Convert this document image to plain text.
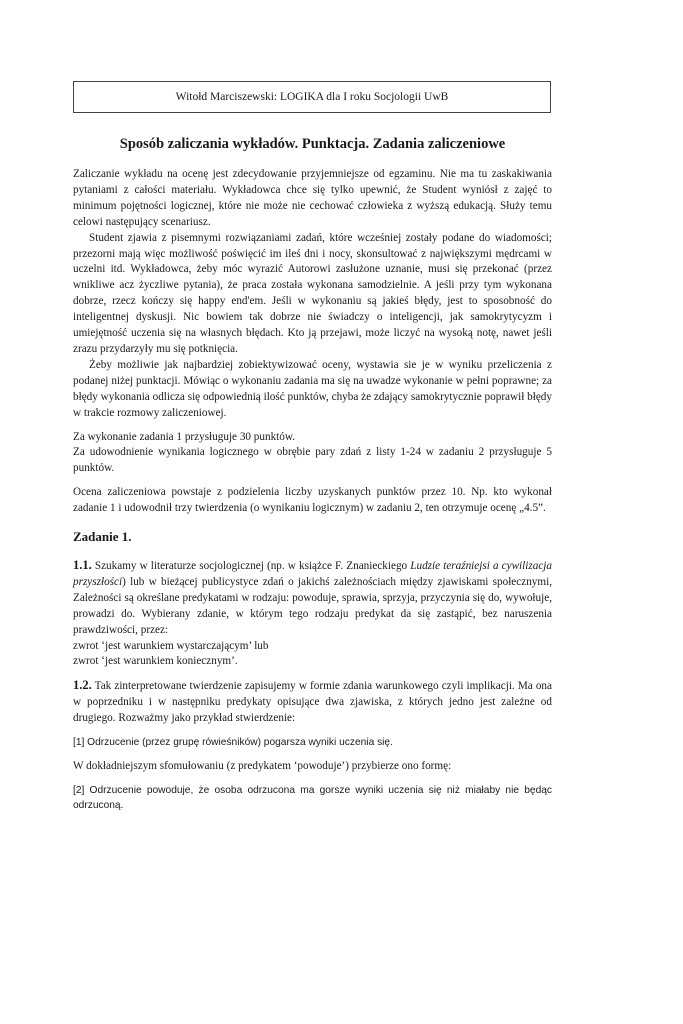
Witołd Marciszewski: LOGIKA dla I roku Socjologii UwB
Sposób zaliczania wykładów. Punktacja. Zadania zaliczeniowe

Zaliczanie wykładu na ocenę jest zdecydowanie przyjemniejsze od egzaminu. Nie ma tu zaskakiwania pytaniami z całości materiału. Wykładowca chce się tylko upewnić, że Student wyniósł z zajęć to minimum pojętności logicznej, które nie może nie cechować człowieka z wyższą edukacją. Służy temu celowi następujący scenariusz.

Student zjawia z pisemnymi rozwiązaniami zadań, które wcześniej zostały podane do wiadomości; przezorni mają więc możliwość poświęcić im ileś dni i nocy, skonsultować z największymi mędrcami w uczelni itd. Wykładowca, żeby móc wyrazić Autorowi zasłużone uznanie, musi się przekonać (przez wnikliwe acz życzliwe pytania), że praca została wykonana samodzielnie. A jeśli przy tym wykonana dobrze, rzecz kończy się happy end'em. Jeśli w wykonaniu są jakieś błędy, jest to sposobność do inteligentnej dyskusji. Nic bowiem tak dobrze nie świadczy o inteligencji, jak samokrytycyzm i umiejętność uczenia się na własnych błędach. Kto ją przejawi, może liczyć na wysoką notę, nawet jeśli zrazu przydarzyły mu się potknięcia.

Żeby możliwie jak najbardziej zobiektywizować oceny, wystawia sie je w wyniku przeliczenia z podanej niżej punktacji. Mówiąc o wykonaniu zadania ma się na uwadze wykonanie w pełni poprawne; za błędy wykonania odlicza się odpowiednią ilość punktów, chyba że zdający samokrytycznie poprawił błędy w trakcie rozmowy zaliczeniowej.

Za wykonanie zadania 1 przysługuje 30 punktów.

Za udowodnienie wynikania logicznego w obrębie pary zdań z listy 1-24 w zadaniu 2 przysługuje 5 punktów.

Ocena zaliczeniowa powstaje z podzielenia liczby uzyskanych punktów przez 10. Np. kto wykonał zadanie 1 i udowodnił trzy twierdzenia (o wynikaniu logicznym) w zadaniu 2, ten otrzymuje ocenę „4.5”.

Zadanie 1.

1.1. Szukamy w literaturze socjologicznej (np. w książce F. Znanieckiego Ludzie teraźniejsi a cywilizacja przyszłości) lub w bieżącej publicystyce zdań o jakichś zależnościach między zjawiskami społecznymi, Zależności są określane predykatami w rodzaju: powoduje, sprawia, sprzyja, przyczynia się do, wywołuje, prowadzi do. Wybierany zdanie, w którym tego rodzaju predykat da się zastąpić, bez naruszenia prawdziwości, przez:

zwrot ‘jest warunkiem wystarczającym’ lub

zwrot ‘jest warunkiem koniecznym’.

1.2. Tak zinterpretowane twierdzenie zapisujemy w formie zdania warunkowego czyli implikacji. Ma ona w poprzedniku i w następniku predykaty opisujące dwa zjawiska, z których jedno jest zależne od drugiego. Rozważmy jako przykład stwierdzenie:

[1] Odrzucenie (przez grupę rówieśników) pogarsza wyniki uczenia się.

W dokładniejszym sfomułowaniu (z predykatem ‘powoduje’) przybierze ono formę:

[2] Odrzucenie powoduje, że osoba odrzucona ma gorsze wyniki uczenia się niż miałaby nie będąc odrzuconą.
